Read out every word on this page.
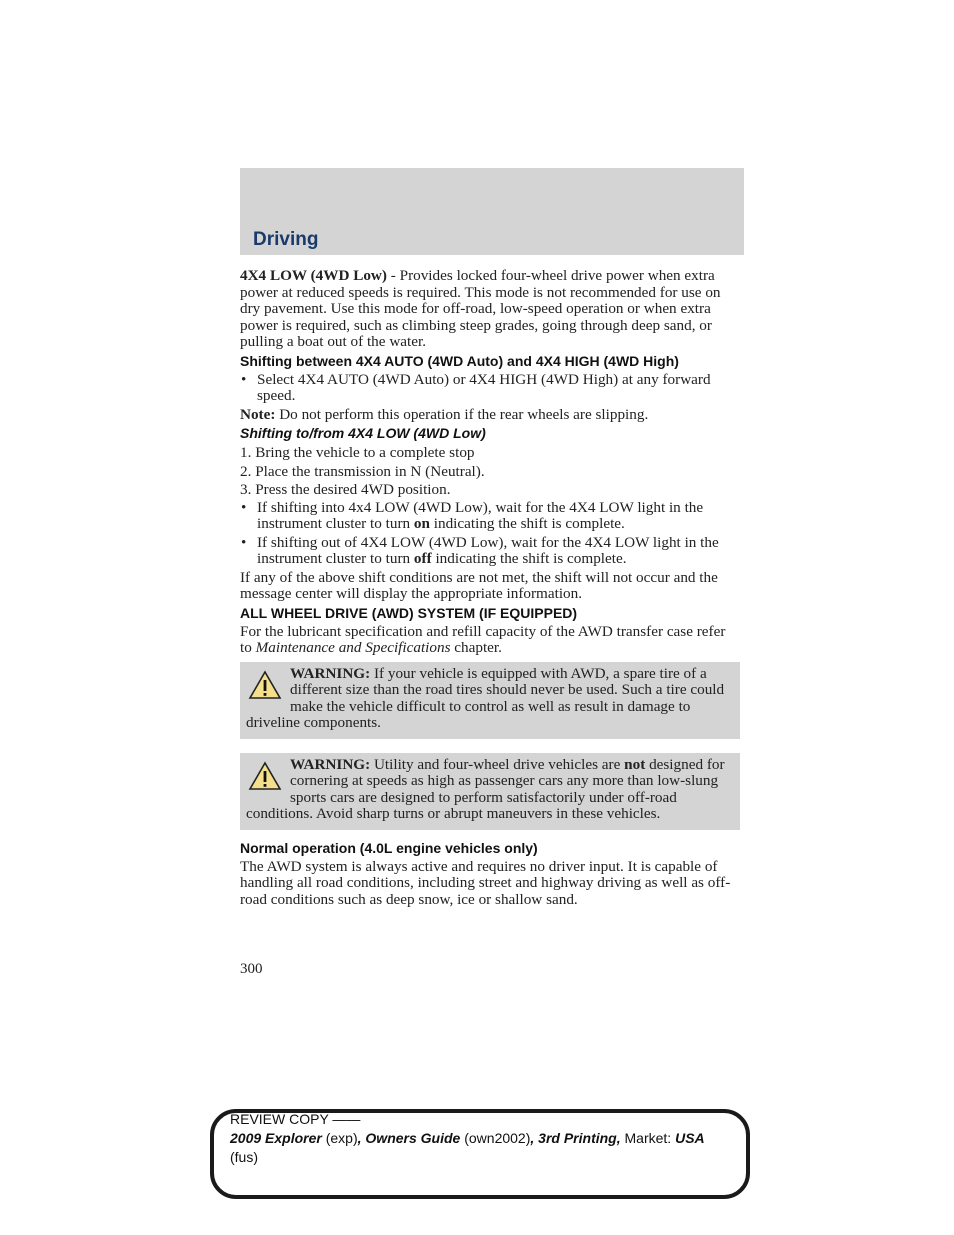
Driving

4X4 LOW (4WD Low) - Provides locked four-wheel drive power when extra power at reduced speeds is required. This mode is not recommended for use on dry pavement. Use this mode for off-road, low-speed operation or when extra power is required, such as climbing steep grades, going through deep sand, or pulling a boat out of the water.

Shifting between 4X4 AUTO (4WD Auto) and 4X4 HIGH (4WD High)

• Select 4X4 AUTO (4WD Auto) or 4X4 HIGH (4WD High) at any forward speed.

Note: Do not perform this operation if the rear wheels are slipping.

Shifting to/from 4X4 LOW (4WD Low)

1. Bring the vehicle to a complete stop

2. Place the transmission in N (Neutral).

3. Press the desired 4WD position.

• If shifting into 4x4 LOW (4WD Low), wait for the 4X4 LOW light in the instrument cluster to turn on indicating the shift is complete.

• If shifting out of 4X4 LOW (4WD Low), wait for the 4X4 LOW light in the instrument cluster to turn off indicating the shift is complete.

If any of the above shift conditions are not met, the shift will not occur and the message center will display the appropriate information.

ALL WHEEL DRIVE (AWD) SYSTEM (IF EQUIPPED)

For the lubricant specification and refill capacity of the AWD transfer case refer to Maintenance and Specifications chapter.

WARNING: If your vehicle is equipped with AWD, a spare tire of a different size than the road tires should never be used. Such a tire could make the vehicle difficult to control as well as result in damage to driveline components.

WARNING: Utility and four-wheel drive vehicles are not designed for cornering at speeds as high as passenger cars any more than low-slung sports cars are designed to perform satisfactorily under off-road conditions. Avoid sharp turns or abrupt maneuvers in these vehicles.

Normal operation (4.0L engine vehicles only)

The AWD system is always active and requires no driver input. It is capable of handling all road conditions, including street and highway driving as well as off-road conditions such as deep snow, ice or shallow sand.

300
REVIEW COPY ——
2009 Explorer (exp), Owners Guide (own2002), 3rd Printing, Market: USA
(fus)
